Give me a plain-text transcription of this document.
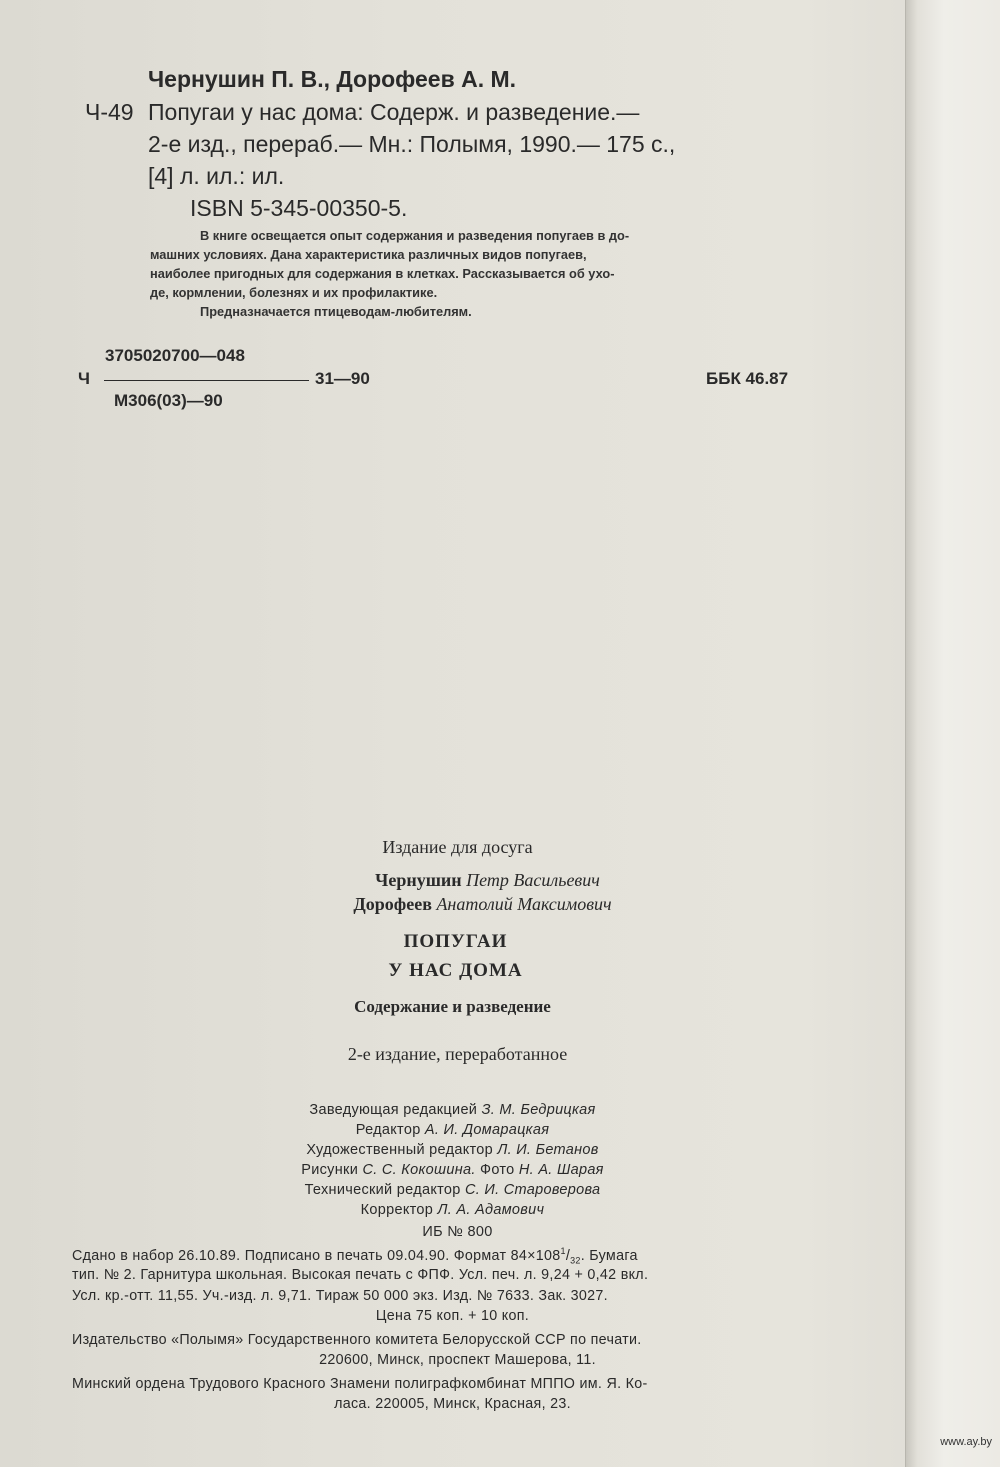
Чернушин П. В., Дорофеев А. М.
Ч-49 Попугаи у нас дома: Содерж. и разведение.—
2-е изд., перераб.— Мн.: Полымя, 1990.— 175 с.,
[4] л. ил.: ил.
ISBN 5-345-00350-5.
В книге освещается опыт содержания и разведения попугаев в до-
машних условиях. Дана характеристика различных видов попугаев,
наиболее пригодных для содержания в клетках. Рассказывается об ухо-
де, кормлении, болезнях и их профилактике.
Предназначается птицеводам-любителям.
3705020700—048
Ч	31—90	ББК 46.87
М306(03)—90
Издание для досуга
Чернушин Петр Васильевич
Дорофеев Анатолий Максимович
ПОПУГАИ
У НАС ДОМА
Содержание и разведение
2-е издание, переработанное
Заведующая редакцией З. М. Бедрицкая
Редактор А. И. Домарацкая
Художественный редактор Л. И. Бетанов
Рисунки С. С. Кокошина. Фото Н. А. Шарая
Технический редактор С. И. Староверова
Корректор Л. А. Адамович
ИБ № 800
Сдано в набор 26.10.89. Подписано в печать 09.04.90. Формат $84\times 108^1/_{32}$. Бумага
тип. № 2. Гарнитура школьная. Высокая печать с ФПФ. Усл. печ. л. 9,24 + 0,42 вкл.
Усл. кр.-отт. 11,55. Уч.-изд. л. 9,71. Тираж 50 000 экз. Изд. № 7633. Зак. 3027.
Цена 75 коп. + 10 коп.
Издательство «Полымя» Государственного комитета Белорусской ССР по печати.
220600, Минск, проспект Машерова, 11.
Минский ордена Трудового Красного Знамени полиграфкомбинат МППО им. Я. Ко-
ласа. 220005, Минск, Красная, 23.
www.ay.by
